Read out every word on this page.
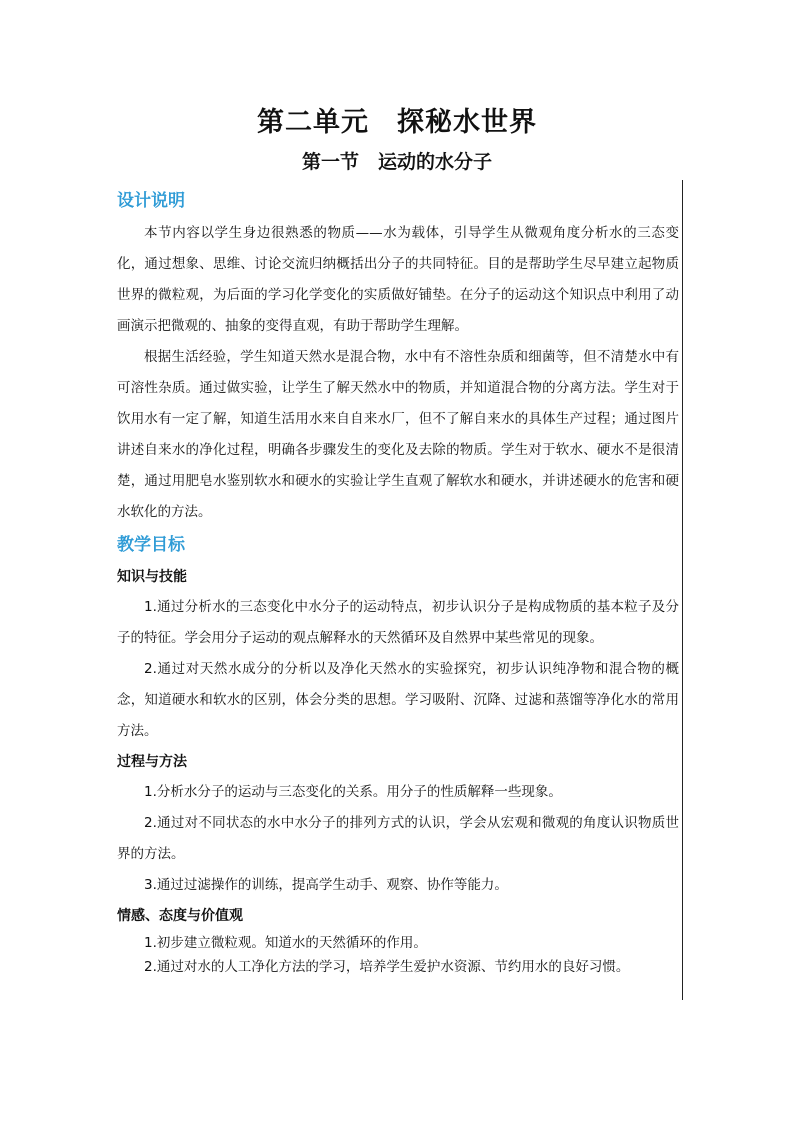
第二单元　探秘水世界
第一节　运动的水分子
设计说明

本节内容以学生身边很熟悉的物质——水为载体，引导学生从微观角度分析水的三态变化，通过想象、思维、讨论交流归纳概括出分子的共同特征。目的是帮助学生尽早建立起物质世界的微粒观，为后面的学习化学变化的实质做好铺垫。在分子的运动这个知识点中利用了动画演示把微观的、抽象的变得直观，有助于帮助学生理解。

根据生活经验，学生知道天然水是混合物，水中有不溶性杂质和细菌等，但不清楚水中有可溶性杂质。通过做实验，让学生了解天然水中的物质，并知道混合物的分离方法。学生对于饮用水有一定了解，知道生活用水来自自来水厂，但不了解自来水的具体生产过程；通过图片讲述自来水的净化过程，明确各步骤发生的变化及去除的物质。学生对于软水、硬水不是很清楚，通过用肥皂水鉴别软水和硬水的实验让学生直观了解软水和硬水，并讲述硬水的危害和硬水软化的方法。

教学目标
知识与技能

1.通过分析水的三态变化中水分子的运动特点，初步认识分子是构成物质的基本粒子及分子的特征。学会用分子运动的观点解释水的天然循环及自然界中某些常见的现象。

2.通过对天然水成分的分析以及净化天然水的实验探究，初步认识纯净物和混合物的概念，知道硬水和软水的区别，体会分类的思想。学习吸附、沉降、过滤和蒸馏等净化水的常用方法。

过程与方法

1.分析水分子的运动与三态变化的关系。用分子的性质解释一些现象。

2.通过对不同状态的水中水分子的排列方式的认识，学会从宏观和微观的角度认识物质世界的方法。

3.通过过滤操作的训练，提高学生动手、观察、协作等能力。

情感、态度与价值观

1.初步建立微粒观。知道水的天然循环的作用。

2.通过对水的人工净化方法的学习，培养学生爱护水资源、节约用水的良好习惯。
